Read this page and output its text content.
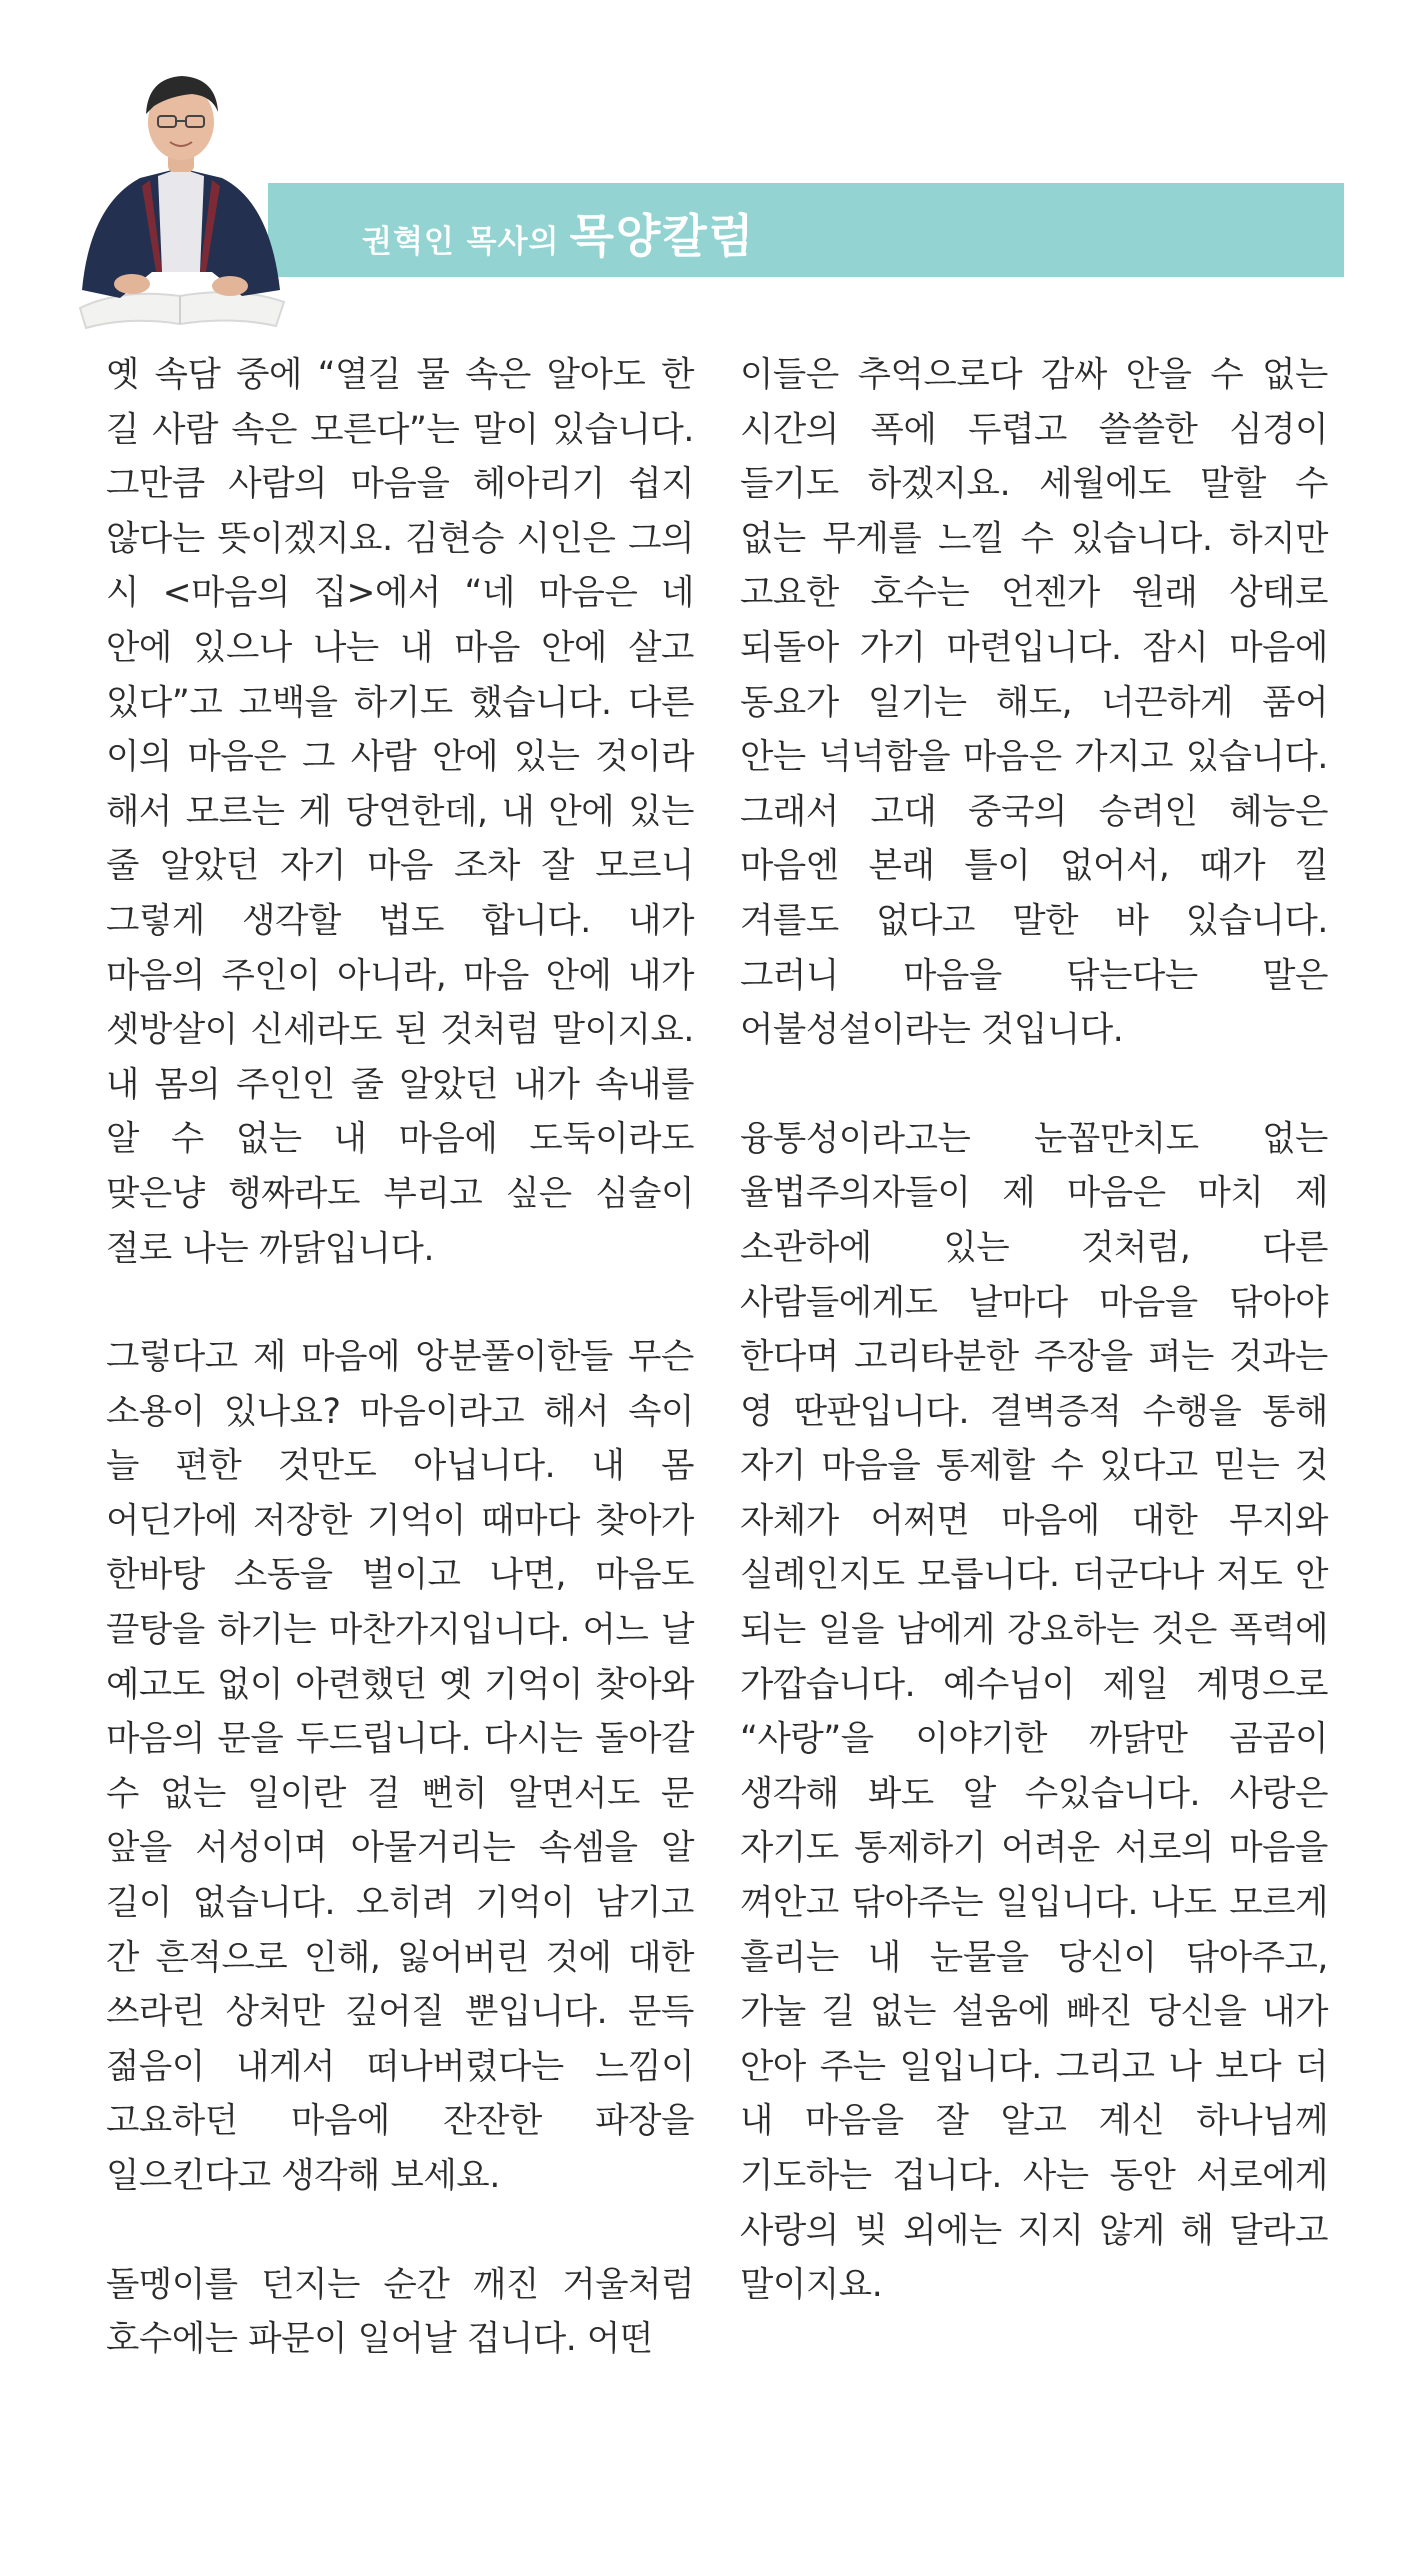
권혁인 목사의 목양칼럼

옛 속담 중에 “열길 물 속은 알아도 한 길 사람 속은 모른다”는 말이 있습니다. 그만큼 사람의 마음을 헤아리기 쉽지 않다는 뜻이겠지요. 김현승 시인은 그의 시 <마음의 집>에서 “네 마음은 네 안에 있으나 나는 내 마음 안에 살고 있다”고 고백을 하기도 했습니다. 다른 이의 마음은 그 사람 안에 있는 것이라 해서 모르는 게 당연한데, 내 안에 있는 줄 알았던 자기 마음 조차 잘 모르니 그렇게 생각할 법도 합니다. 내가 마음의 주인이 아니라, 마음 안에 내가 셋방살이 신세라도 된 것처럼 말이지요. 내 몸의 주인인 줄 알았던 내가 속내를 알 수 없는 내 마음에 도둑이라도 맞은냥 행짜라도 부리고 싶은 심술이 절로 나는 까닭입니다.

그렇다고 제 마음에 앙분풀이한들 무슨 소용이 있나요? 마음이라고 해서 속이 늘 편한 것만도 아닙니다. 내 몸 어딘가에 저장한 기억이 때마다 찾아가 한바탕 소동을 벌이고 나면, 마음도 끌탕을 하기는 마찬가지입니다. 어느 날 예고도 없이 아련했던 옛 기억이 찾아와 마음의 문을 두드립니다. 다시는 돌아갈 수 없는 일이란 걸 뻔히 알면서도 문 앞을 서성이며 아물거리는 속셈을 알 길이 없습니다. 오히려 기억이 남기고 간 흔적으로 인해, 잃어버린 것에 대한 쓰라린 상처만 깊어질 뿐입니다. 문득 젊음이 내게서 떠나버렸다는 느낌이 고요하던 마음에 잔잔한 파장을 일으킨다고 생각해 보세요.

돌멩이를 던지는 순간 깨진 거울처럼 호수에는 파문이 일어날 겁니다. 어떤

이들은 추억으로다 감싸 안을 수 없는 시간의 폭에 두렵고 쓸쓸한 심경이 들기도 하겠지요. 세월에도 말할 수 없는 무게를 느낄 수 있습니다. 하지만 고요한 호수는 언젠가 원래 상태로 되돌아 가기 마련입니다. 잠시 마음에 동요가 일기는 해도, 너끈하게 품어 안는 넉넉함을 마음은 가지고 있습니다. 그래서 고대 중국의 승려인 혜능은 마음엔 본래 틀이 없어서, 때가 낄 겨를도 없다고 말한 바 있습니다. 그러니 마음을 닦는다는 말은 어불성설이라는 것입니다.

융통성이라고는 눈꼽만치도 없는 율법주의자들이 제 마음은 마치 제 소관하에 있는 것처럼, 다른 사람들에게도 날마다 마음을 닦아야 한다며 고리타분한 주장을 펴는 것과는 영 딴판입니다. 결벽증적 수행을 통해 자기 마음을 통제할 수 있다고 믿는 것 자체가 어쩌면 마음에 대한 무지와 실례인지도 모릅니다. 더군다나 저도 안 되는 일을 남에게 강요하는 것은 폭력에 가깝습니다. 예수님이 제일 계명으로 “사랑”을 이야기한 까닭만 곰곰이 생각해 봐도 알 수있습니다. 사랑은 자기도 통제하기 어려운 서로의 마음을 껴안고 닦아주는 일입니다. 나도 모르게 흘리는 내 눈물을 당신이 닦아주고, 가눌 길 없는 설움에 빠진 당신을 내가 안아 주는 일입니다. 그리고 나 보다 더 내 마음을 잘 알고 계신 하나님께 기도하는 겁니다. 사는 동안 서로에게 사랑의 빚 외에는 지지 않게 해 달라고 말이지요.
